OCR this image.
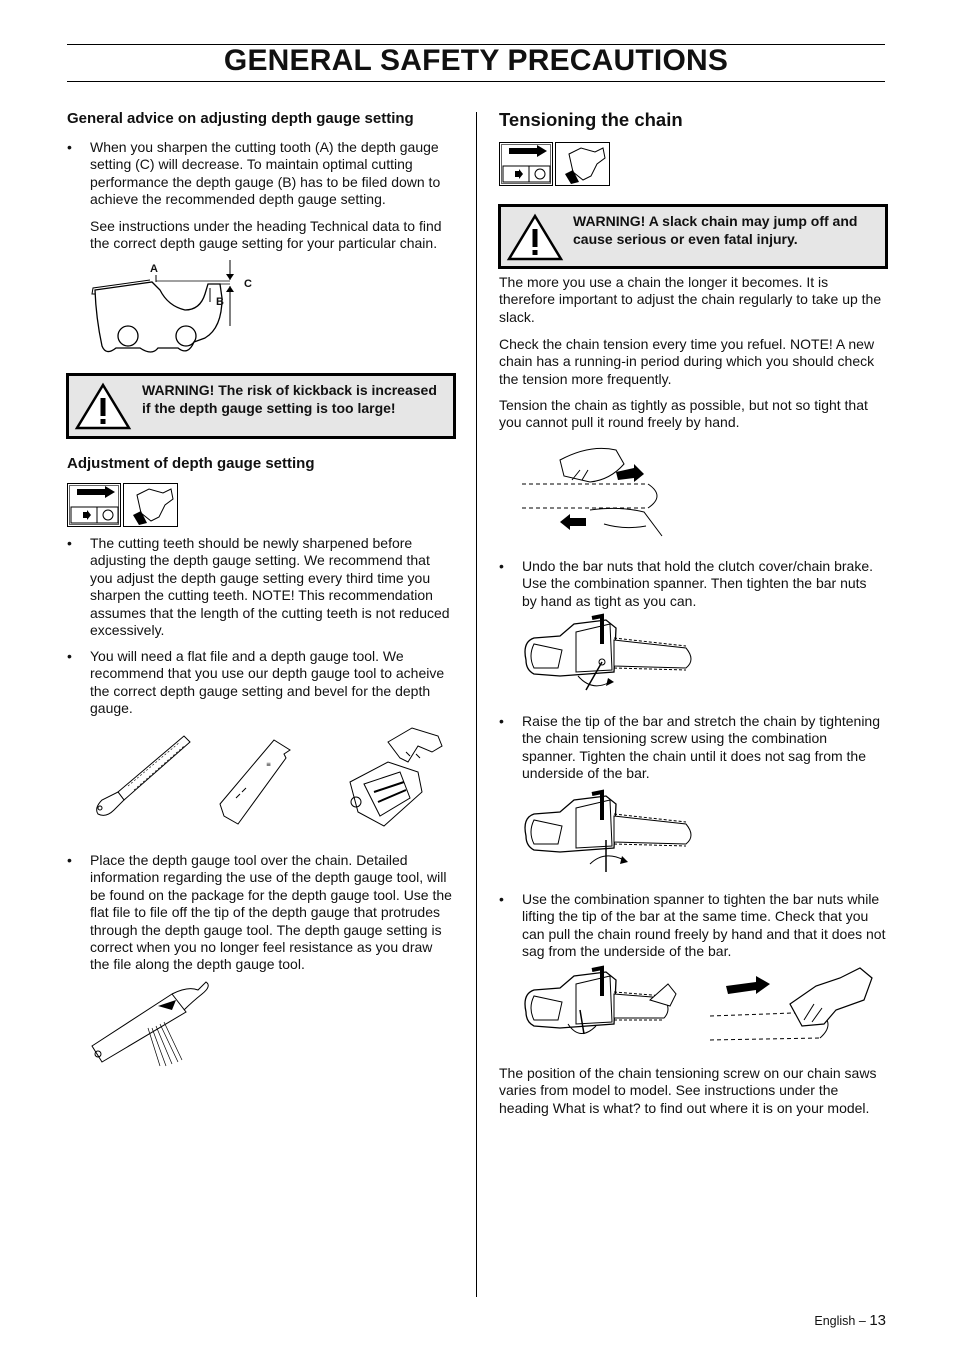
GENERAL SAFETY PRECAUTIONS
General advice on adjusting depth gauge setting
• When you sharpen the cutting tooth (A) the depth gauge
setting (C) will decrease. To maintain optimal cutting
performance the depth gauge (B) has to be filed down to
achieve the recommended depth gauge setting.

See instructions under the heading Technical data to find

the correct depth gauge setting for your particular chain.

A
B
C
WARNING! The risk of kickback is increased
if the depth gauge setting is too large!
Adjustment of depth gauge setting
• The cutting teeth should be newly sharpened before
adjusting the depth gauge setting. We recommend that
you adjust the depth gauge setting every third time you
sharpen the cutting teeth. NOTE! This recommendation
assumes that the length of the cutting teeth is not reduced
excessively.
• You will need a flat file and a depth gauge tool. We
recommend that you use our depth gauge tool to acheive
the correct depth gauge setting and bevel for the depth
gauge.
≡
• Place the depth gauge tool over the chain. Detailed
information regarding the use of the depth gauge tool, will
be found on the package for the depth gauge tool. Use the
flat file to file off the tip of the depth gauge that protrudes
through the depth gauge tool. The depth gauge setting is
correct when you no longer feel resistance as you draw
the file along the depth gauge tool.
Tensioning the chain
WARNING! A slack chain may jump off and
cause serious or even fatal injury.

The more you use a chain the longer it becomes. It is

therefore important to adjust the chain regularly to take up the

slack.

Check the chain tension every time you refuel. NOTE! A new

chain has a running-in period during which you should check

the tension more frequently.

Tension the chain as tightly as possible, but not so tight that

you cannot pull it round freely by hand.

• Undo the bar nuts that hold the clutch cover/chain brake.
Use the combination spanner. Then tighten the bar nuts
by hand as tight as you can.
• Raise the tip of the bar and stretch the chain by tightening
the chain tensioning screw using the combination
spanner. Tighten the chain until it does not sag from the
underside of the bar.
• Use the combination spanner to tighten the bar nuts while
lifting the tip of the bar at the same time. Check that you
can pull the chain round freely by hand and that it does not
sag from the underside of the bar.

The position of the chain tensioning screw on our chain saws

varies from model to model. See instructions under the

heading What is what? to find out where it is on your model.

English – 13
